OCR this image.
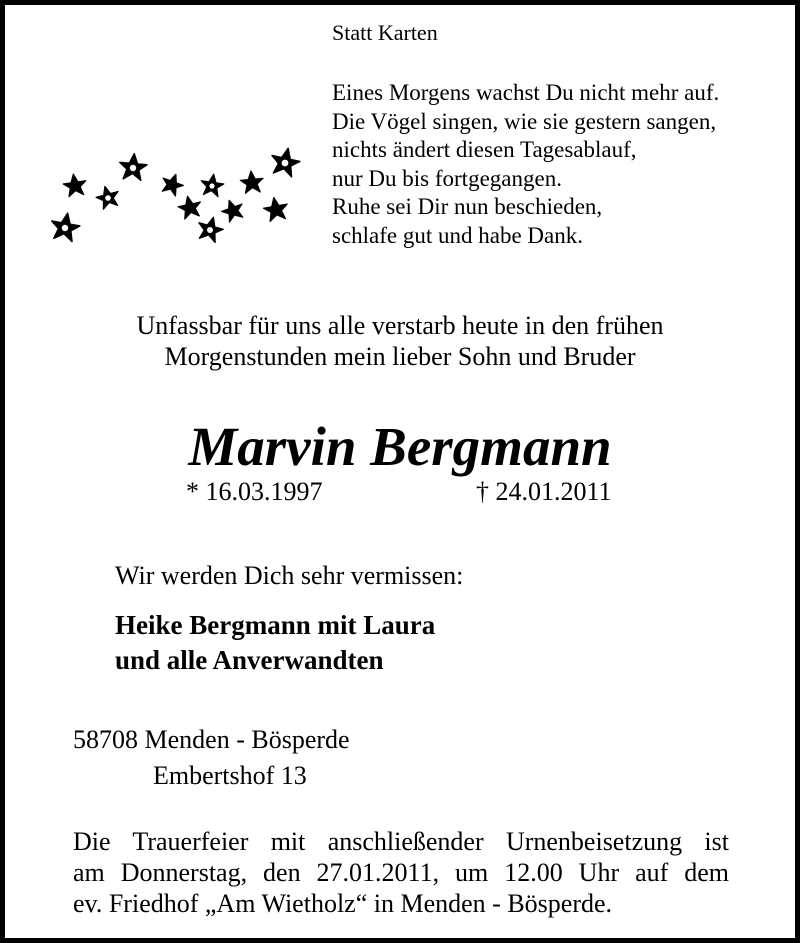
Statt Karten
Eines Morgens wachst Du nicht mehr auf.
Die Vögel singen, wie sie gestern sangen,
nichts ändert diesen Tagesablauf,
nur Du bis fortgegangen.
Ruhe sei Dir nun beschieden,
schlafe gut und habe Dank.
Unfassbar für uns alle verstarb heute in den frühen
Morgenstunden mein lieber Sohn und Bruder
Marvin Bergmann
* 16.03.1997	† 24.01.2011
Wir werden Dich sehr vermissen:
Heike Bergmann mit Laura
und alle Anverwandten
58708 Menden - Bösperde
Embertshof 13
Die Trauerfeier mit anschließender Urnenbeisetzung ist
am Donnerstag, den 27.01.2011, um 12.00 Uhr auf dem
ev. Friedhof „Am Wietholz“ in Menden - Bösperde.
